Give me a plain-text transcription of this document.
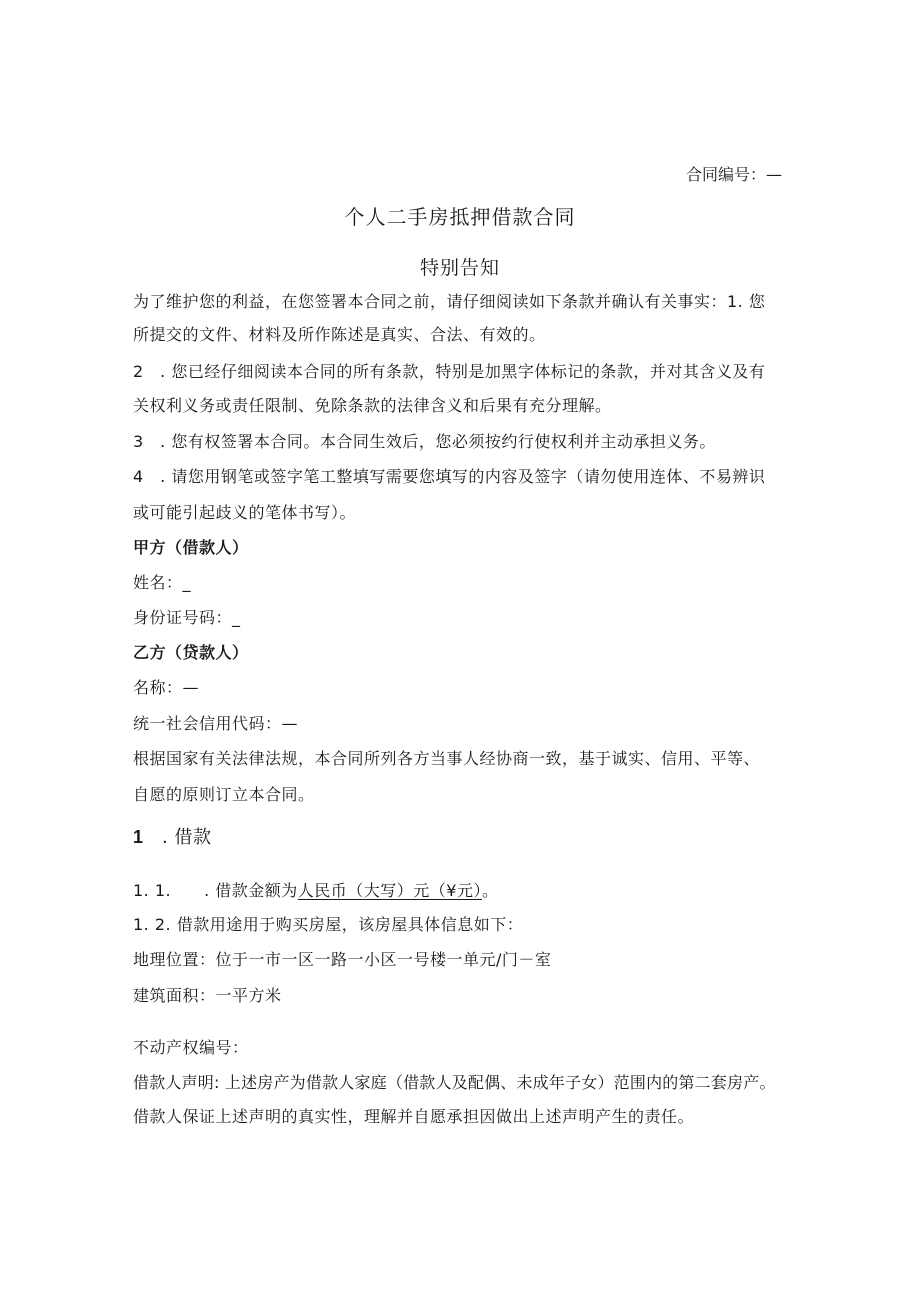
合同编号：—
个人二手房抵押借款合同
特别告知
为了维护您的利益，在您签署本合同之前，请仔细阅读如下条款并确认有关事实：1. 您
所提交的文件、材料及所作陈述是真实、合法、有效的。
2　. 您已经仔细阅读本合同的所有条款，特别是加黑字体标记的条款，并对其含义及有
关权利义务或责任限制、免除条款的法律含义和后果有充分理解。
3　. 您有权签署本合同。本合同生效后，您必须按约行使权利并主动承担义务。
4　. 请您用钢笔或签字笔工整填写需要您填写的内容及签字（请勿使用连体、不易辨识
或可能引起歧义的笔体书写）。
甲方（借款人）
姓名：_
身份证号码：_
乙方（贷款人）
名称：—
统一社会信用代码：—
根据国家有关法律法规，本合同所列各方当事人经协商一致，基于诚实、信用、平等、
自愿的原则订立本合同。
1　. 借款
1. 1.　　. 借款金额为人民币（大写）元（¥元）。
1. 2. 借款用途用于购买房屋，该房屋具体信息如下：
地理位置：位于一市一区一路一小区一号楼一单元/门－室
建筑面积：一平方米
不动产权编号：
借款人声明: 上述房产为借款人家庭（借款人及配偶、未成年子女）范围内的第二套房产。
借款人保证上述声明的真实性，理解并自愿承担因做出上述声明产生的责任。
